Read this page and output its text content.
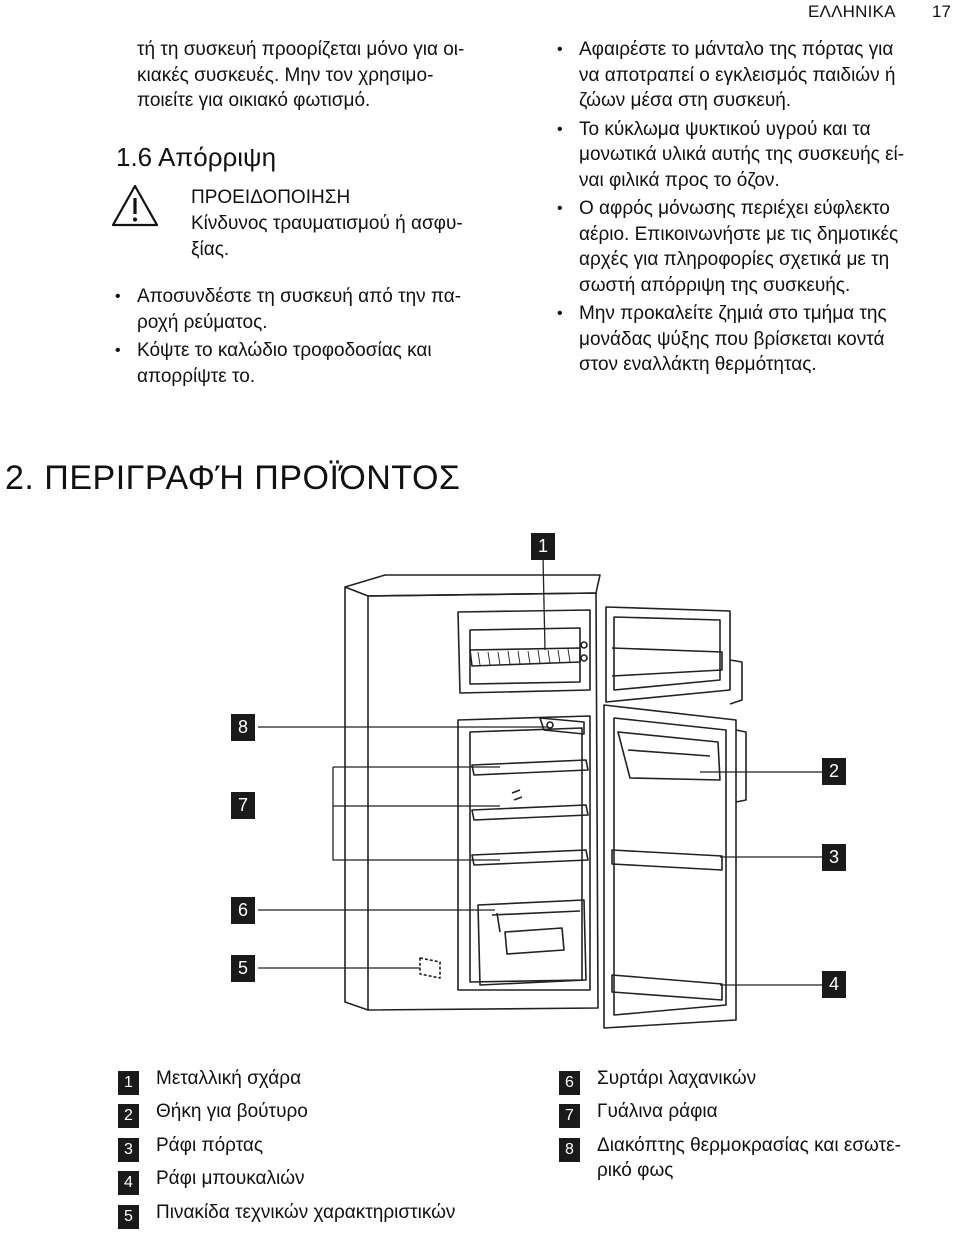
ΕΛΛΗΝΙΚΑ 17

τή τη συσκευή προορίζεται μόνο για οι-

κιακές συσκευές. Μην τον χρησιμο-

ποιείτε για οικιακό φωτισμό.

1.6 Απόρριψη
ΠΡΟΕΙΔΟΠΟΙΗΣΗ

Κίνδυνος τραυματισμού ή ασφυ-

ξίας.

• Αποσυνδέστε τη συσκευή από την πα-

ροχή ρεύματος.

• Κόψτε το καλώδιο τροφοδοσίας και

απορρίψτε το.

• Αφαιρέστε το μάνταλο της πόρτας για

να αποτραπεί ο εγκλεισμός παιδιών ή

ζώων μέσα στη συσκευή.

• Το κύκλωμα ψυκτικού υγρού και τα

μονωτικά υλικά αυτής της συσκευής εί-

ναι φιλικά προς το όζον.

• Ο αφρός μόνωσης περιέχει εύφλεκτο

αέριο. Επικοινωνήστε με τις δημοτικές

αρχές για πληροφορίες σχετικά με τη

σωστή απόρριψη της συσκευής.

• Μην προκαλείτε ζημιά στο τμήμα της

μονάδας ψύξης που βρίσκεται κοντά

στον εναλλάκτη θερμότητας.

2. ΠΕΡΙΓΡΑΦΉ ΠΡΟΪΌΝΤΟΣ
1
8
7
6
5
2
3
4
1	Μεταλλική σχάρα
2	Θήκη για βούτυρο
3	Ράφι πόρτας
4	Ράφι μπουκαλιών
5	Πινακίδα τεχνικών χαρακτηριστικών
6	Συρτάρι λαχανικών
7	Γυάλινα ράφια
8	Διακόπτης θερμοκρασίας και εσωτε-
ρικό φως
